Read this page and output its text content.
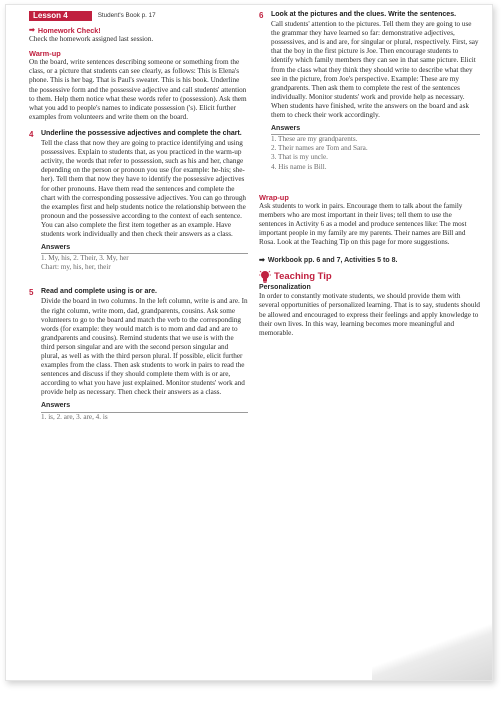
Lesson 4	Student's Book p. 17
➡ Homework Check!

Check the homework assigned last session.

Warm-up

On the board, write sentences describing someone or something from the class, or a picture that students can see clearly, as follows: This is Elena's phone. This is her bag. That is Paul's sweater. This is his book. Underline the possessive form and the possessive adjective and call students' attention to them. Help them notice what these words refer to (possession). Ask them what you add to people's names to indicate possession ('s). Elicit further examples from volunteers and write them on the board.

4	Underline the possessive adjectives and complete the chart.

Tell the class that now they are going to practice identifying and using possessives. Explain to students that, as you practiced in the warm-up activity, the words that refer to possession, such as his and her, change depending on the person or pronoun you use (for example: he-his; she-her). Tell them that now they have to identify the possessive adjectives for other pronouns. Have them read the sentences and complete the chart with the corresponding possessive adjectives. You can go through the examples first and help students notice the relationship between the pronoun and the possessive according to the context of each sentence. You can also complete the first item together as an example. Have students work individually and then check their answers as a class.

Answers
1. My, his, 2. Their, 3. My, her
Chart: my, his, her, their
5	Read and complete using is or are.

Divide the board in two columns. In the left column, write is and are. In the right column, write mom, dad, grandparents, cousins. Ask some volunteers to go to the board and match the verb to the corresponding words (for example: they would match is to mom and dad and are to grandparents and cousins). Remind students that we use is with the third person singular and are with the second person singular and plural, as well as with the third person plural. If possible, elicit further examples from the class. Then ask students to work in pairs to read the sentences and discuss if they should complete them with is or are, according to what you have just explained. Monitor students' work and provide help as necessary. Then check their answers as a class.

Answers
1. is, 2. are, 3. are, 4. is
6	Look at the pictures and the clues. Write the sentences.

Call students' attention to the pictures. Tell them they are going to use the grammar they have learned so far: demonstrative adjectives, possessives, and is and are, for singular or plural, respectively. First, say that the boy in the first picture is Joe. Then encourage students to identify which family members they can see in that same picture. Elicit from the class what they think they should write to describe what they see in the picture, from Joe's perspective. Example: These are my grandparents. Then ask them to complete the rest of the sentences individually. Monitor students' work and provide help as necessary. When students have finished, write the answers on the board and ask them to check their work accordingly.

Answers
1. These are my grandparents.
2. Their names are Tom and Sara.
3. That is my uncle.
4. His name is Bill.
Wrap-up

Ask students to work in pairs. Encourage them to talk about the family members who are most important in their lives; tell them to use the sentences in Activity 6 as a model and produce sentences like: The most important people in my family are my parents. Their names are Bill and Rosa. Look at the Teaching Tip on this page for more suggestions.

➡ Workbook pp. 6 and 7, Activities 5 to 8.
Teaching Tip
Personalization

In order to constantly motivate students, we should provide them with several opportunities of personalized learning. That is to say, students should be allowed and encouraged to express their feelings and apply knowledge to their own lives. In this way, learning becomes more meaningful and memorable.
